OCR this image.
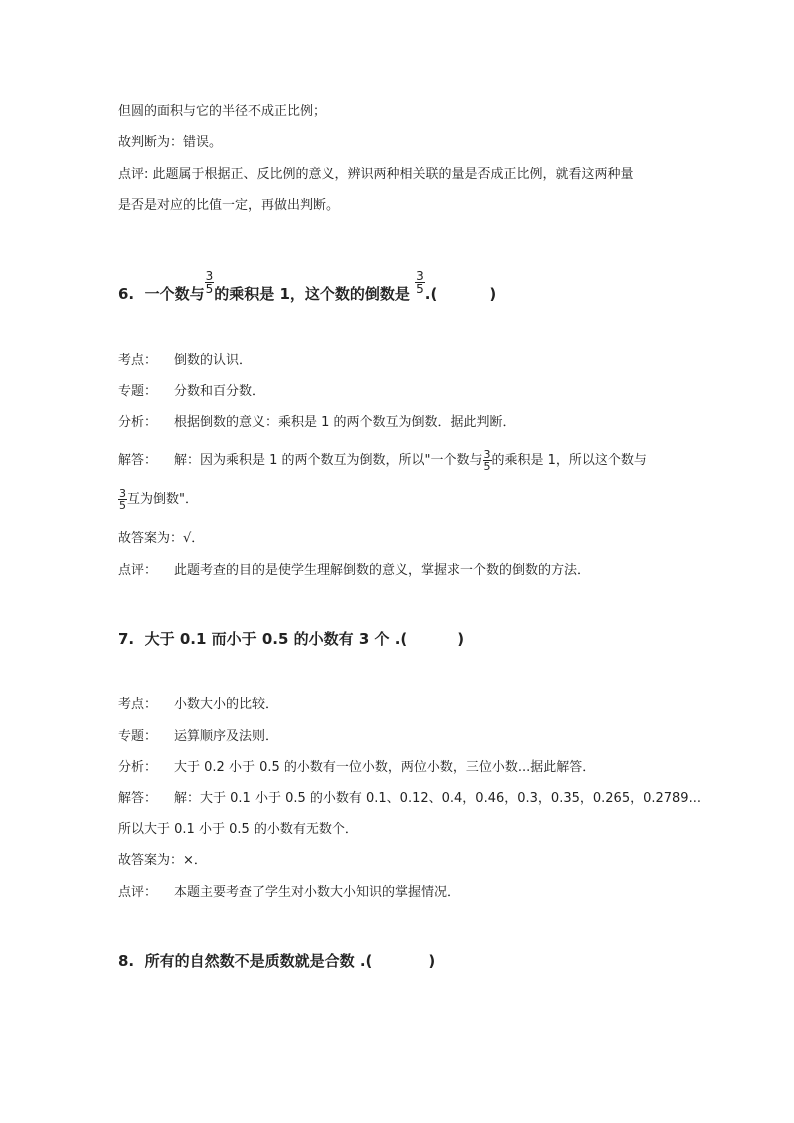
但圆的面积与它的半径不成正比例；
故判断为：错误。
点评: 此题属于根据正、反比例的意义，辨识两种相关联的量是否成正比例，就看这两种量
是否是对应的比值一定，再做出判断。
6. 一个数与 $\frac{3}{5}$ 的乘积是 1，这个数的倒数是 $\frac{3}{5}$ .(	)
考点： 倒数的认识．
专题： 分数和百分数．
分析： 根据倒数的意义：乘积是 1 的两个数互为倒数．据此判断．
解答： 解：因为乘积是 1 的两个数互为倒数，所以"一个数与 $\frac{3}{5}$ 的乘积是 1，所以这个数与
$\frac{3}{5}$ 互为倒数"．
故答案为：√．
点评： 此题考查的目的是使学生理解倒数的意义，掌握求一个数的倒数的方法．
7. 大于 0.1 而小于 0.5 的小数有 3 个 .(	)
考点： 小数大小的比较．
专题： 运算顺序及法则．
分析： 大于 0.2 小于 0.5 的小数有一位小数，两位小数，三位小数...据此解答．
解答： 解：大于 0.1 小于 0.5 的小数有 0.1、0.12、0.4，0.46，0.3，0.35，0.265，0.2789...
所以大于 0.1 小于 0.5 的小数有无数个．
故答案为：×．
点评： 本题主要考查了学生对小数大小知识的掌握情况．
8. 所有的自然数不是质数就是合数 .(	)
